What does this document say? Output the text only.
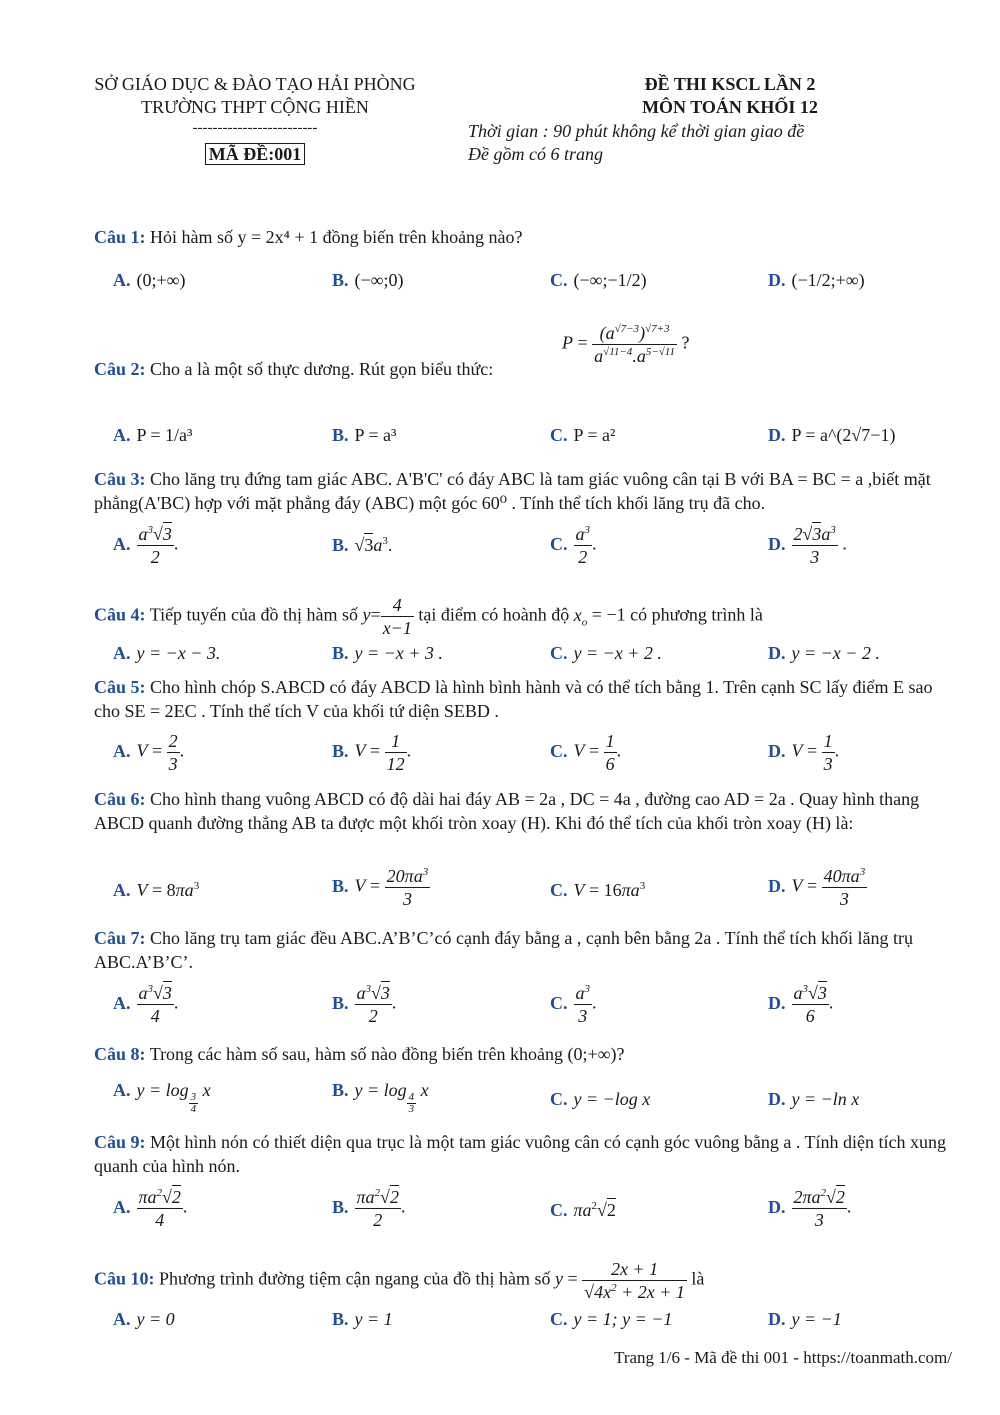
SỞ GIÁO DỤC & ĐÀO TẠO HẢI PHÒNG
TRƯỜNG THPT CỘNG HIỀN
-------------------------
MÃ ĐỀ:001
ĐỀ THI KSCL LẦN 2
MÔN TOÁN KHỐI 12
Thời gian : 90 phút không kể thời gian giao đề
Đề gồm có 6 trang
Câu 1: Hỏi hàm số y = 2x⁴ + 1 đồng biến trên khoảng nào?
A. (0;+∞)	B. (−∞;0)	C. (−∞;−1/2)	D. (−1/2;+∞)
Câu 2: Cho a là một số thực dương. Rút gọn biểu thức:
$P = \frac{(a^{√7-3})^{√7+3}}{a^{√11-4}.a^{5-√11}}$ ?
A. P = 1/a³	B. P = a³	C. P = a²	D. P = a^(2√7−1)
Câu 3: Cho lăng trụ đứng tam giác ABC. A'B'C' có đáy ABC là tam giác vuông cân tại B với BA = BC = a ,biết mặt phẳng(A'BC) hợp với mặt phẳng đáy (ABC) một góc 60⁰ . Tính thể tích khối lăng trụ đã cho.
A. $\frac{a^3√3}{2}$ .	B. $√3a^3$.	C. $\frac{a^3}{2}$ .	D. $\frac{2√3a^3}{3}$ .
Câu 4: Tiếp tuyến của đồ thị hàm số $y= \frac{4}{x-1}$ tại điểm có hoành độ $x_o = -1$ có phương trình là
A. y = −x − 3.	B. y = −x + 3 .	C. y = −x + 2 .	D. y = −x − 2 .
Câu 5: Cho hình chóp S.ABCD có đáy ABCD là hình bình hành và có thể tích bằng 1. Trên cạnh SC lấy điểm E sao cho SE = 2EC . Tính thể tích V của khối tứ diện SEBD .
A. $V = \frac{2}{3}$ .	B. $V = \frac{1}{12}$ .	C. $V = \frac{1}{6}$ .	D. $V = \frac{1}{3}$ .
Câu 6: Cho hình thang vuông ABCD có độ dài hai đáy AB = 2a , DC = 4a , đường cao AD = 2a . Quay hình thang ABCD quanh đường thẳng AB ta được một khối tròn xoay (H). Khi đó thể tích của khối tròn xoay (H) là:
A. $V = 8\pi a^3$	B. $V = \frac{20\pi a^3}{3}$	C. $V = 16\pi a^3$	D. $V = \frac{40\pi a^3}{3}$
Câu 7: Cho lăng trụ tam giác đều ABC.A’B’C’có cạnh đáy bằng a , cạnh bên bằng 2a . Tính thể tích khối lăng trụ ABC.A’B’C’.
A. $\frac{a^3√3}{4}$ .	B. $\frac{a^3√3}{2}$ .	C. $\frac{a^3}{3}$ .	D. $\frac{a^3√3}{6}$ .
Câu 8: Trong các hàm số sau, hàm số nào đồng biến trên khoảng (0;+∞)?
A. y = log
$\frac{3}{4}$
x	B. y = log
$\frac{4}{3}$
x	C. y = −log x	D. y = −ln x
Câu 9: Một hình nón có thiết diện qua trục là một tam giác vuông cân có cạnh góc vuông bằng a . Tính diện tích xung quanh của hình nón.
A. $\frac{\pi a^2√2}{4}$ .	B. $\frac{\pi a^2√2}{2}$ .	C. $\pi a^2√2$	D. $\frac{2\pi a^2√2}{3}$ .
Câu 10: Phương trình đường tiệm cận ngang của đồ thị hàm số $y = \frac{2x + 1}{√4x^2 + 2x + 1}$ là
A. y = 0	B. y = 1	C. y = 1; y = −1	D. y = −1
Trang 1/6 - Mã đề thi 001 - https://toanmath.com/
